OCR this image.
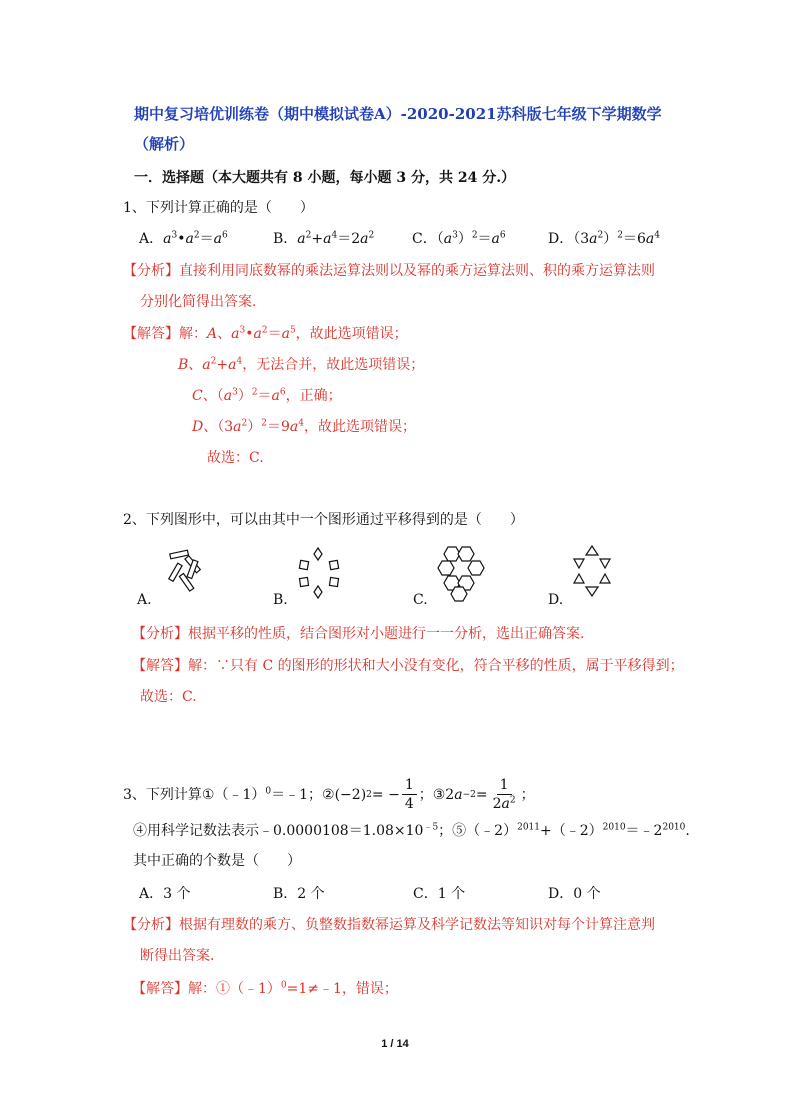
期中复习培优训练卷（期中模拟试卷A）-2020-2021苏科版七年级下学期数学
（解析）
一．选择题（本大题共有 8 小题，每小题 3 分，共 24 分.）
1、下列计算正确的是（　　）
A．$a^3•a^2=a^6$	B．$a^2+a^4=2a^2$	C．$(a^3)^2=a^6$	D．$(3a^2)^2=6a^4$
【分析】直接利用同底数幂的乘法运算法则以及幂的乘方运算法则、积的乘方运算法则
分别化简得出答案.
【解答】解：A、$a^3•a^2=a^5$，故此选项错误；
B、$a^2+a^4$，无法合并，故此选项错误；
C、$(a^3)^2=a^6$，正确；
D、$(3a^2)^2=9a^4$，故此选项错误；
故选：C.
2、下列图形中，可以由其中一个图形通过平移得到的是（　　）
A.	B.	C.	D.
【分析】根据平移的性质，结合图形对小题进行一一分析，选出正确答案.
【解答】解：∵只有 C 的图形的形状和大小没有变化，符合平移的性质，属于平移得到；
故选：C.
3、下列计算 ①（﹣1）$^0$＝﹣1； ②(−2) 2 = − $\frac{1}{4}$ ； ③2 $a -2 = \frac{1}{2a^2}$ ；
④用科学记数法表示$﹣0.0000108=1.08\times 10^{﹣5}$；$⑤(﹣2)^{2011}+(﹣2)^{2010}=﹣2^{2010}$.
其中正确的个数是（　　）
A．3 个	B．2 个	C．1 个	D．0 个
【分析】根据有理数的乘方、负整数指数幂运算及科学记数法等知识对每个计算注意判
断得出答案.
【解答】解：①（﹣1）$^0$=1≠﹣1，错误；
1 / 14
